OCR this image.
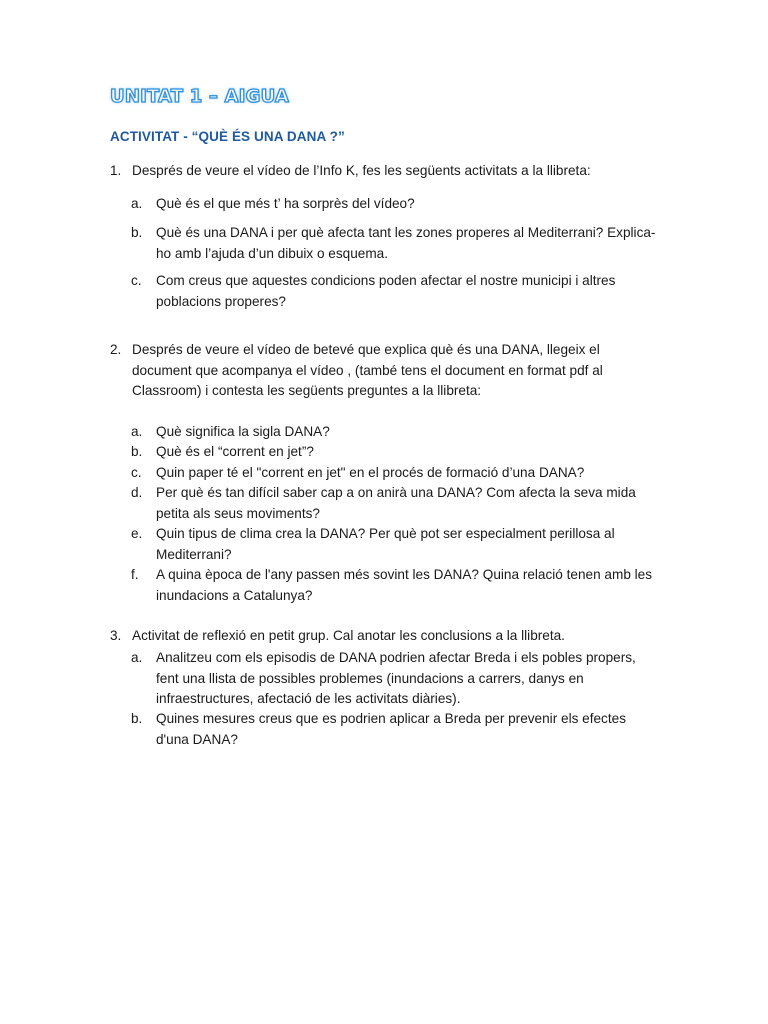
UNITAT 1 – AIGUA
ACTIVITAT - “QUÈ ÉS UNA DANA ?”
1. Després de veure el vídeo de l’Info K, fes les següents activitats a la llibreta:
a. Què és el que més t’ ha sorprès del vídeo?
b. Què és una DANA i per què afecta tant les zones properes al Mediterrani? Explica-ho amb l’ajuda d’un dibuix o esquema.
c. Com creus que aquestes condicions poden afectar el nostre municipi i altres poblacions properes?
2. Després de veure el vídeo de betevé que explica què és una DANA, llegeix el document que acompanya el vídeo , (també tens el document en format pdf al Classroom) i contesta les següents preguntes a la llibreta:
a. Què significa la sigla DANA?
b. Què és el “corrent en jet”?
c. Quin paper té el "corrent en jet" en el procés de formació d’una DANA?
d. Per què és tan difícil saber cap a on anirà una DANA? Com afecta la seva mida petita als seus moviments?
e. Quin tipus de clima crea la DANA? Per què pot ser especialment perillosa al Mediterrani?
f. A quina època de l'any passen més sovint les DANA? Quina relació tenen amb les inundacions a Catalunya?
3. Activitat de reflexió en petit grup. Cal anotar les conclusions a la llibreta.
a. Analitzeu com els episodis de DANA podrien afectar Breda i els pobles propers, fent una llista de possibles problemes (inundacions a carrers, danys en infraestructures, afectació de les activitats diàries).
b. Quines mesures creus que es podrien aplicar a Breda per prevenir els efectes d'una DANA?
